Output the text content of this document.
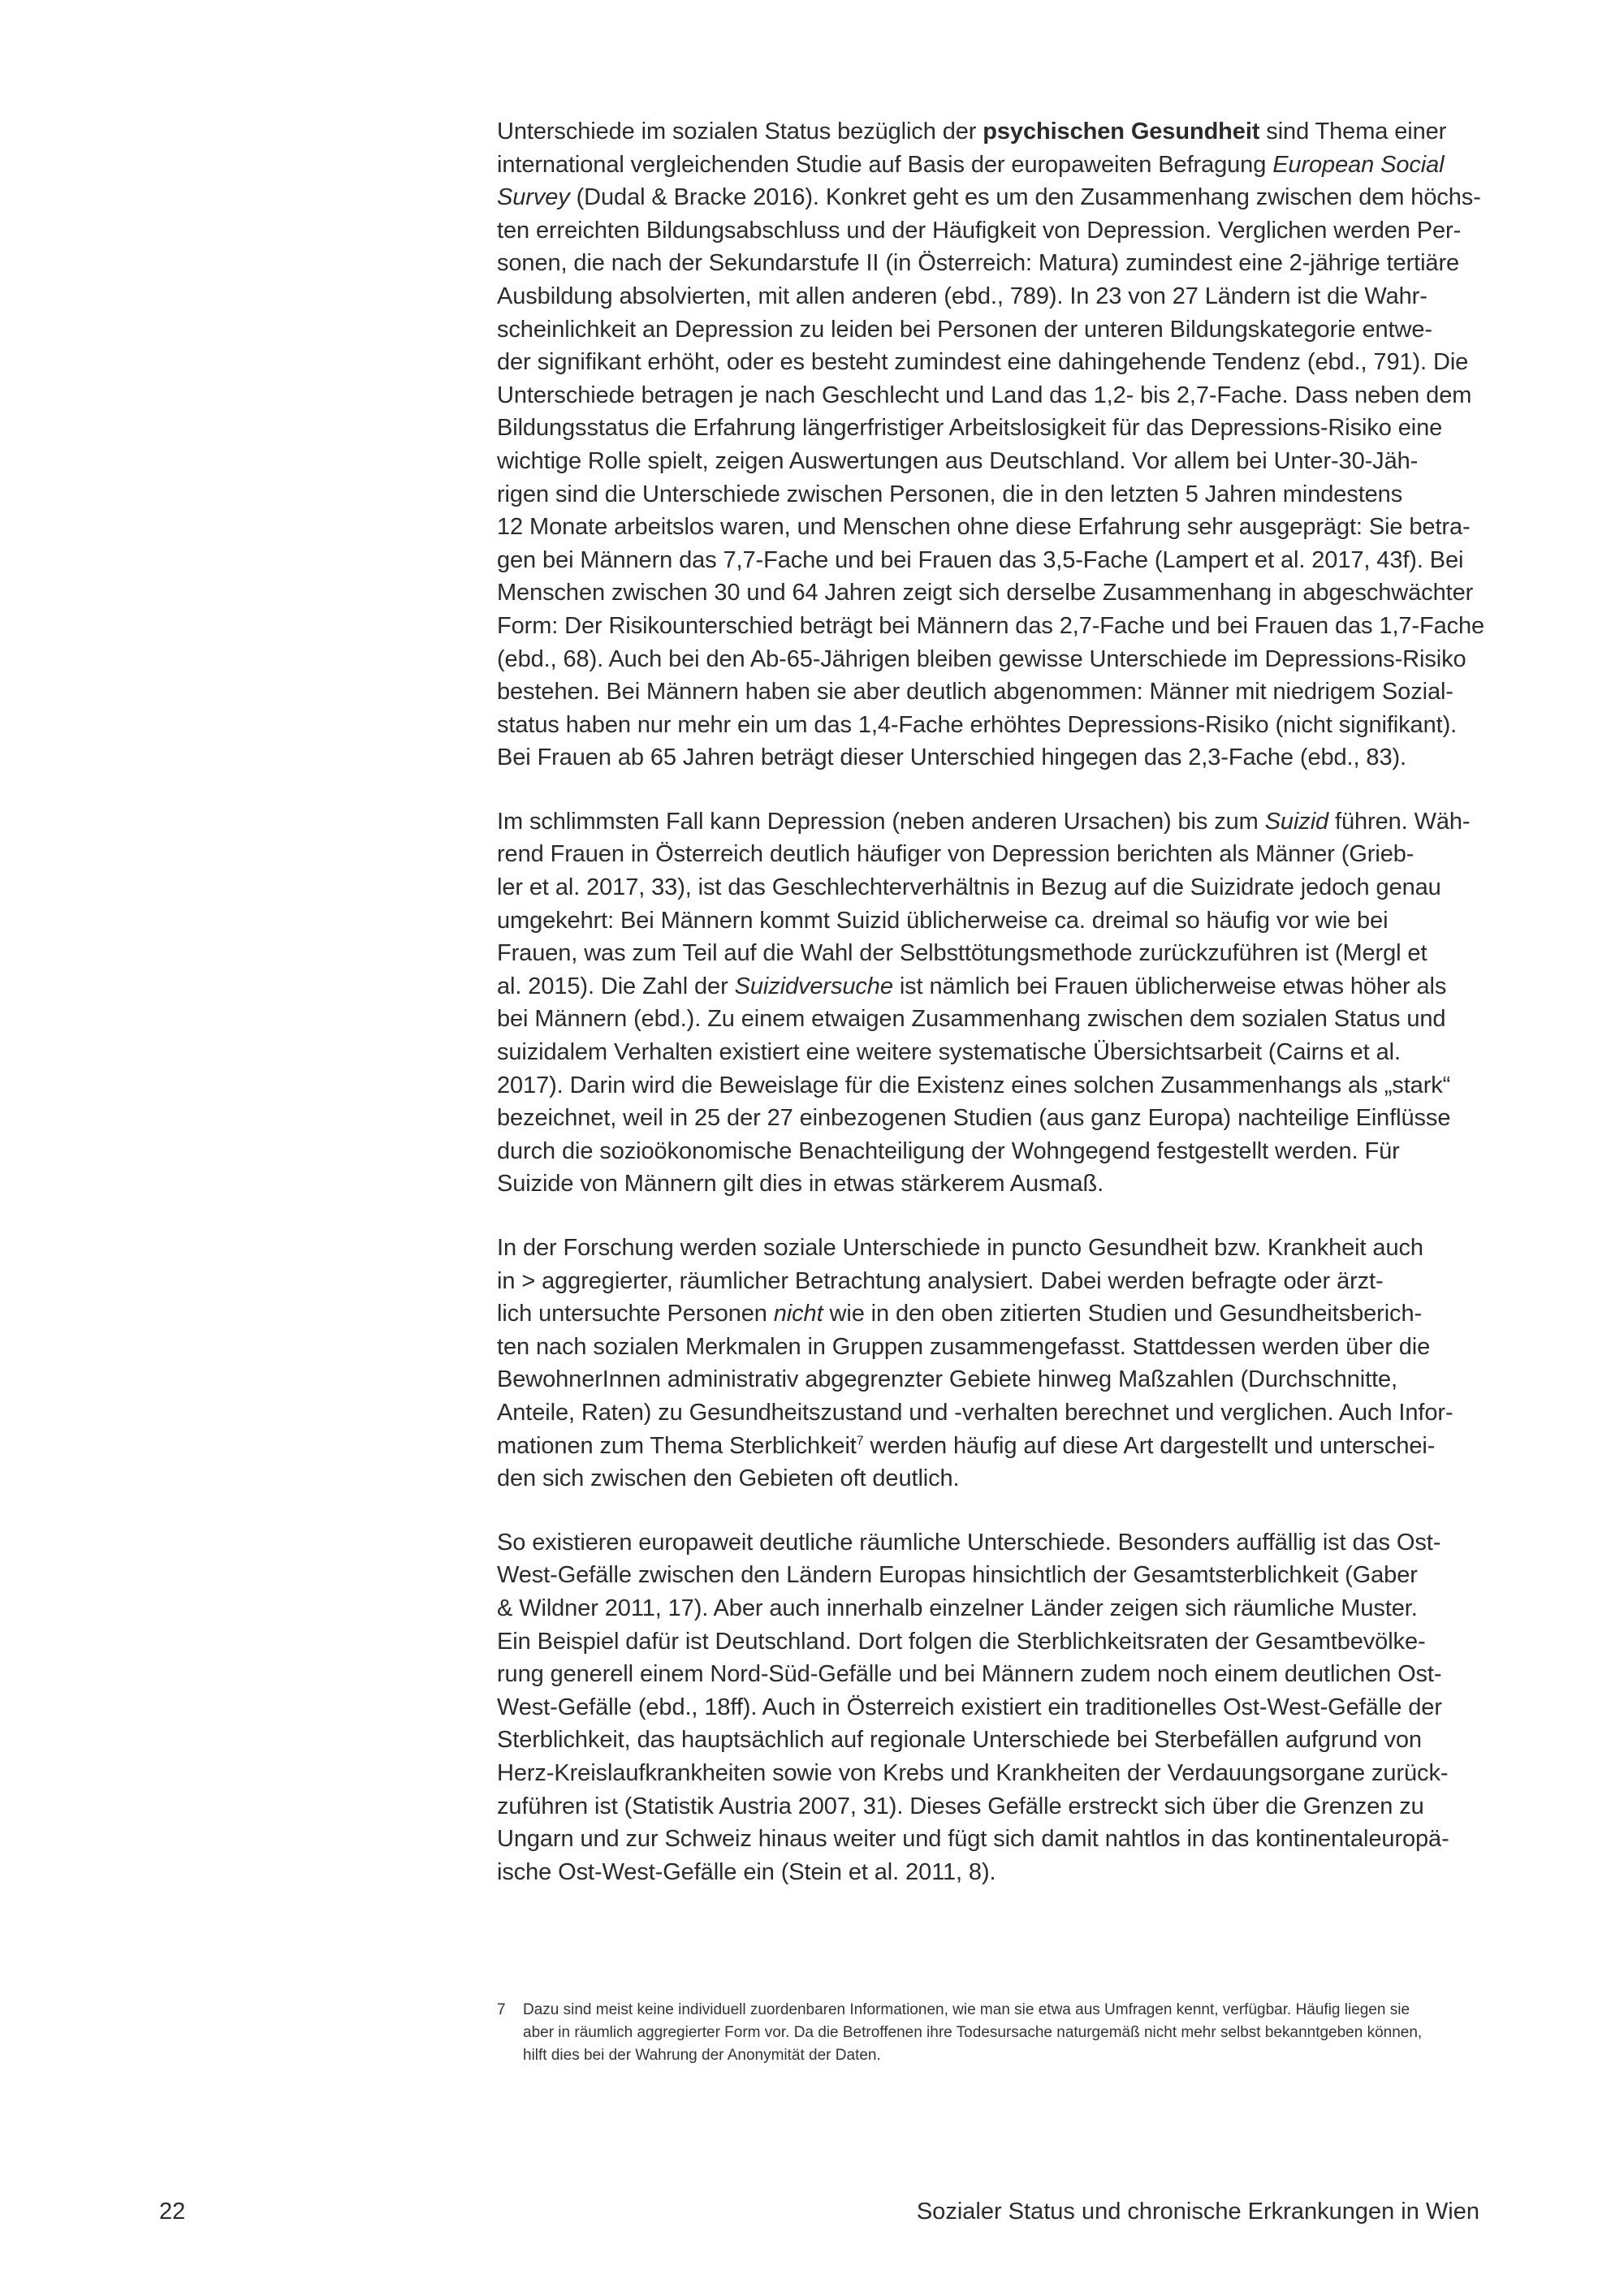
Unterschiede im sozialen Status bezüglich der psychischen Gesundheit sind Thema einer
international vergleichenden Studie auf Basis der europaweiten Befragung European Social
Survey (Dudal & Bracke 2016). Konkret geht es um den Zusammenhang zwischen dem höchs-
ten erreichten Bildungsabschluss und der Häufigkeit von Depression. Verglichen werden Per-
sonen, die nach der Sekundarstufe II (in Österreich: Matura) zumindest eine 2-jährige tertiäre
Ausbildung absolvierten, mit allen anderen (ebd., 789). In 23 von 27 Ländern ist die Wahr-
scheinlichkeit an Depression zu leiden bei Personen der unteren Bildungskategorie entwe-
der signifikant erhöht, oder es besteht zumindest eine dahingehende Tendenz (ebd., 791). Die
Unterschiede betragen je nach Geschlecht und Land das 1,2- bis 2,7-Fache. Dass neben dem
Bildungsstatus die Erfahrung längerfristiger Arbeitslosigkeit für das Depressions-Risiko eine
wichtige Rolle spielt, zeigen Auswertungen aus Deutschland. Vor allem bei Unter-30-Jäh-
rigen sind die Unterschiede zwischen Personen, die in den letzten 5 Jahren mindestens
12 Monate arbeitslos waren, und Menschen ohne diese Erfahrung sehr ausgeprägt: Sie betra-
gen bei Männern das 7,7-Fache und bei Frauen das 3,5-Fache (Lampert et al. 2017, 43f). Bei
Menschen zwischen 30 und 64 Jahren zeigt sich derselbe Zusammenhang in abgeschwächter
Form: Der Risikounterschied beträgt bei Männern das 2,7-Fache und bei Frauen das 1,7-Fache
(ebd., 68). Auch bei den Ab-65-Jährigen bleiben gewisse Unterschiede im Depressions-Risiko
bestehen. Bei Männern haben sie aber deutlich abgenommen: Männer mit niedrigem Sozial-
status haben nur mehr ein um das 1,4-Fache erhöhtes Depressions-Risiko (nicht signifikant).
Bei Frauen ab 65 Jahren beträgt dieser Unterschied hingegen das 2,3-Fache (ebd., 83).

Im schlimmsten Fall kann Depression (neben anderen Ursachen) bis zum Suizid führen. Wäh-
rend Frauen in Österreich deutlich häufiger von Depression berichten als Männer (Grieb-
ler et al. 2017, 33), ist das Geschlechterverhältnis in Bezug auf die Suizidrate jedoch genau
umgekehrt: Bei Männern kommt Suizid üblicherweise ca. dreimal so häufig vor wie bei
Frauen, was zum Teil auf die Wahl der Selbsttötungsmethode zurückzuführen ist (Mergl et
al. 2015). Die Zahl der Suizidversuche ist nämlich bei Frauen üblicherweise etwas höher als
bei Männern (ebd.). Zu einem etwaigen Zusammenhang zwischen dem sozialen Status und
suizidalem Verhalten existiert eine weitere systematische Übersichtsarbeit (Cairns et al.
2017). Darin wird die Beweislage für die Existenz eines solchen Zusammenhangs als „stark“
bezeichnet, weil in 25 der 27 einbezogenen Studien (aus ganz Europa) nachteilige Einflüsse
durch die sozioökonomische Benachteiligung der Wohngegend festgestellt werden. Für
Suizide von Männern gilt dies in etwas stärkerem Ausmaß.

In der Forschung werden soziale Unterschiede in puncto Gesundheit bzw. Krankheit auch
in > aggregierter, räumlicher Betrachtung analysiert. Dabei werden befragte oder ärzt-
lich untersuchte Personen nicht wie in den oben zitierten Studien und Gesundheitsberich-
ten nach sozialen Merkmalen in Gruppen zusammengefasst. Stattdessen werden über die
BewohnerInnen administrativ abgegrenzter Gebiete hinweg Maßzahlen (Durchschnitte,
Anteile, Raten) zu Gesundheitszustand und -verhalten berechnet und verglichen. Auch Infor-
mationen zum Thema Sterblichkeit$^7$ werden häufig auf diese Art dargestellt und unterschei-
den sich zwischen den Gebieten oft deutlich.

So existieren europaweit deutliche räumliche Unterschiede. Besonders auffällig ist das Ost-
West-Gefälle zwischen den Ländern Europas hinsichtlich der Gesamtsterblichkeit (Gaber
& Wildner 2011, 17). Aber auch innerhalb einzelner Länder zeigen sich räumliche Muster.
Ein Beispiel dafür ist Deutschland. Dort folgen die Sterblichkeitsraten der Gesamtbevölke-
rung generell einem Nord-Süd-Gefälle und bei Männern zudem noch einem deutlichen Ost-
West-Gefälle (ebd., 18ff). Auch in Österreich existiert ein traditionelles Ost-West-Gefälle der
Sterblichkeit, das hauptsächlich auf regionale Unterschiede bei Sterbefällen aufgrund von
Herz-Kreislaufkrankheiten sowie von Krebs und Krankheiten der Verdauungsorgane zurück-
zuführen ist (Statistik Austria 2007, 31). Dieses Gefälle erstreckt sich über die Grenzen zu
Ungarn und zur Schweiz hinaus weiter und fügt sich damit nahtlos in das kontinentaleuropä-
ische Ost-West-Gefälle ein (Stein et al. 2011, 8).

7 Dazu sind meist keine individuell zuordenbaren Informationen, wie man sie etwa aus Umfragen kennt, verfügbar. Häufig liegen sie
aber in räumlich aggregierter Form vor. Da die Betroffenen ihre Todesursache naturgemäß nicht mehr selbst bekanntgeben können,
hilft dies bei der Wahrung der Anonymität der Daten.
22	Sozialer Status und chronische Erkrankungen in Wien
